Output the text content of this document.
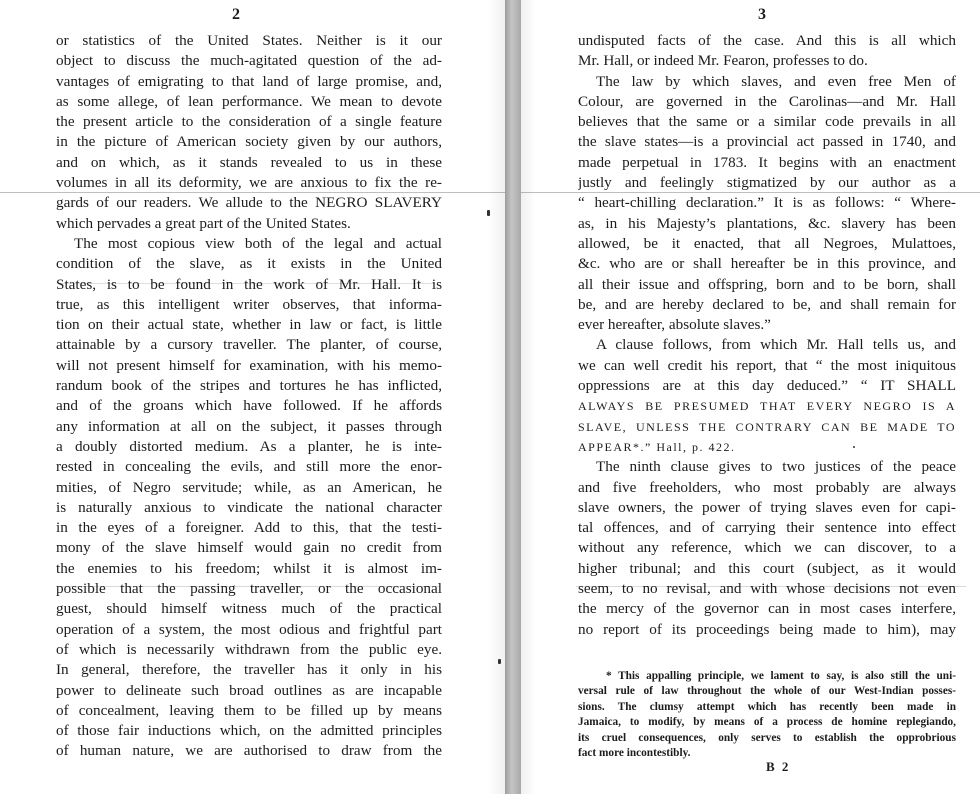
2
or statistics of the United States. Neither is it our
object to discuss the much-agitated question of the ad-
vantages of emigrating to that land of large promise, and,
as some allege, of lean performance. We mean to devote
the present article to the consideration of a single feature
in the picture of American society given by our authors,
and on which, as it stands revealed to us in these
volumes in all its deformity, we are anxious to fix the re-
gards of our readers. We allude to the NEGRO SLAVERY
which pervades a great part of the United States.
The most copious view both of the legal and actual
condition of the slave, as it exists in the United
States, is to be found in the work of Mr. Hall. It is
true, as this intelligent writer observes, that informa-
tion on their actual state, whether in law or fact, is little
attainable by a cursory traveller. The planter, of course,
will not present himself for examination, with his memo-
randum book of the stripes and tortures he has inflicted,
and of the groans which have followed. If he affords
any information at all on the subject, it passes through
a doubly distorted medium. As a planter, he is inte-
rested in concealing the evils, and still more the enor-
mities, of Negro servitude; while, as an American, he
is naturally anxious to vindicate the national character
in the eyes of a foreigner. Add to this, that the testi-
mony of the slave himself would gain no credit from
the enemies to his freedom; whilst it is almost im-
possible that the passing traveller, or the occasional
guest, should himself witness much of the practical
operation of a system, the most odious and frightful part
of which is necessarily withdrawn from the public eye.
In general, therefore, the traveller has it only in his
power to delineate such broad outlines as are incapable
of concealment, leaving them to be filled up by means
of those fair inductions which, on the admitted principles
of human nature, we are authorised to draw from the
3
undisputed facts of the case. And this is all which
Mr. Hall, or indeed Mr. Fearon, professes to do.
The law by which slaves, and even free Men of
Colour, are governed in the Carolinas—and Mr. Hall
believes that the same or a similar code prevails in all
the slave states—is a provincial act passed in 1740, and
made perpetual in 1783. It begins with an enactment
justly and feelingly stigmatized by our author as a
“ heart-chilling declaration.” It is as follows: “ Where-
as, in his Majesty’s plantations, &c. slavery has been
allowed, be it enacted, that all Negroes, Mulattoes,
&c. who are or shall hereafter be in this province, and
all their issue and offspring, born and to be born, shall
be, and are hereby declared to be, and shall remain for
ever hereafter, absolute slaves.”
A clause follows, from which Mr. Hall tells us, and
we can well credit his report, that “ the most iniquitous
oppressions are at this day deduced.” “ IT SHALL
ALWAYS BE PRESUMED THAT EVERY NEGRO IS A
SLAVE, UNLESS THE CONTRARY CAN BE MADE TO
APPEAR*.” Hall, p. 422.
The ninth clause gives to two justices of the peace
and five freeholders, who most probably are always
slave owners, the power of trying slaves even for capi-
tal offences, and of carrying their sentence into effect
without any reference, which we can discover, to a
higher tribunal; and this court (subject, as it would
seem, to no revisal, and with whose decisions not even
the mercy of the governor can in most cases interfere,
no report of its proceedings being made to him), may
* This appalling principle, we lament to say, is also still the uni-
versal rule of law throughout the whole of our West-Indian posses-
sions. The clumsy attempt which has recently been made in
Jamaica, to modify, by means of a process de homine replegiando,
its cruel consequences, only serves to establish the opprobrious
fact more incontestibly.
B 2
